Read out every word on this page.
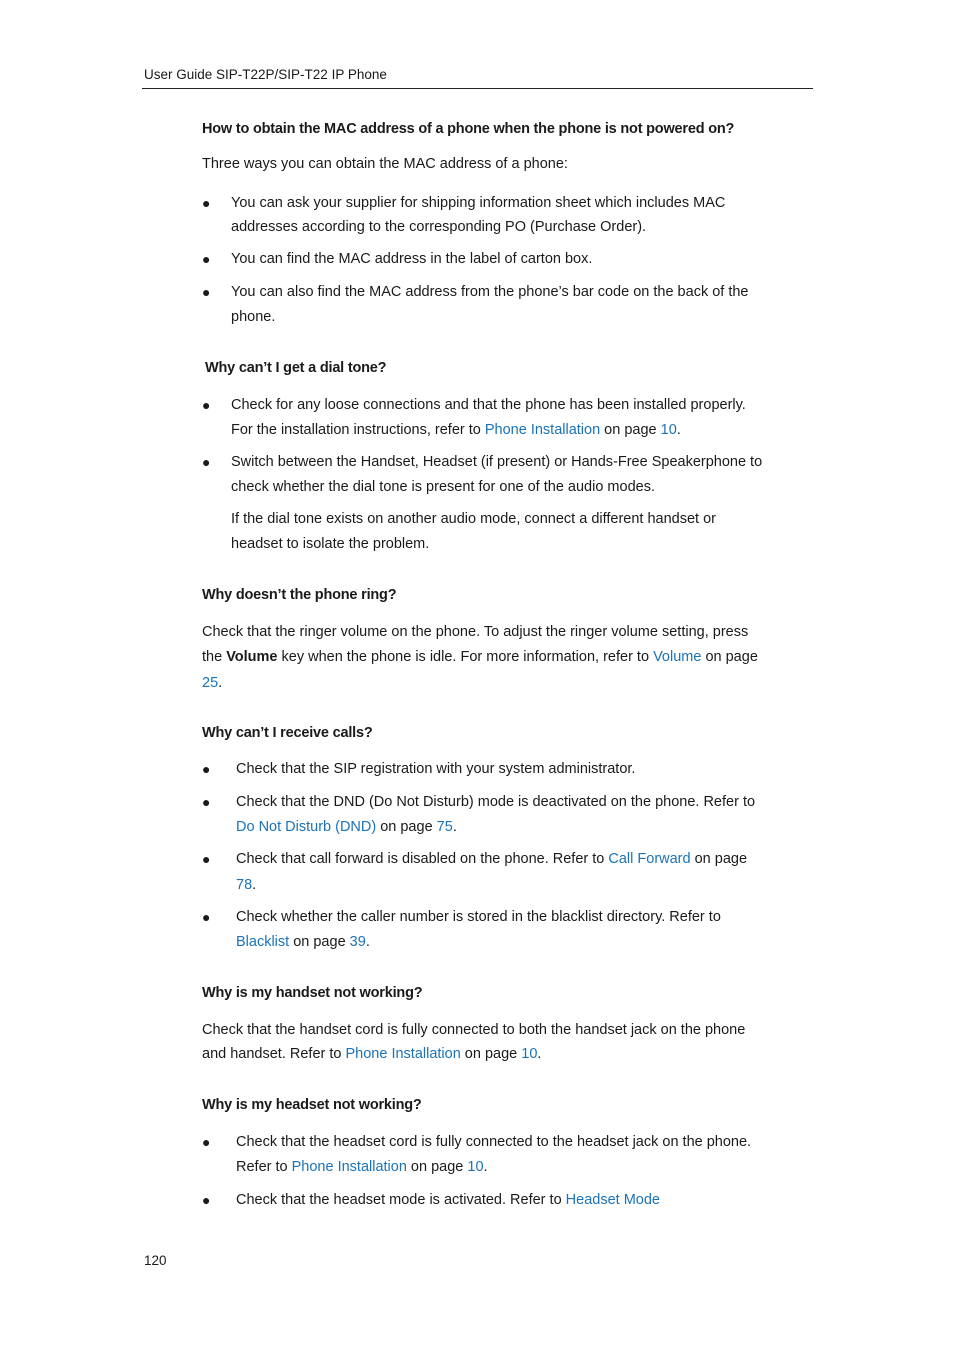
User Guide SIP-T22P/SIP-T22 IP Phone
How to obtain the MAC address of a phone when the phone is not powered on?
Three ways you can obtain the MAC address of a phone:
● You can ask your supplier for shipping information sheet which includes MAC
addresses according to the corresponding PO (Purchase Order).
● You can find the MAC address in the label of carton box.
● You can also find the MAC address from the phone’s bar code on the back of the
phone.
Why can’t I get a dial tone?
● Check for any loose connections and that the phone has been installed properly.
For the installation instructions, refer to Phone Installation on page 10.
● Switch between the Handset, Headset (if present) or Hands-Free Speakerphone to
check whether the dial tone is present for one of the audio modes.
If the dial tone exists on another audio mode, connect a different handset or
headset to isolate the problem.
Why doesn’t the phone ring?
Check that the ringer volume on the phone. To adjust the ringer volume setting, press
the Volume key when the phone is idle. For more information, refer to Volume on page
25.
Why can’t I receive calls?
● Check that the SIP registration with your system administrator.
● Check that the DND (Do Not Disturb) mode is deactivated on the phone. Refer to
Do Not Disturb (DND) on page 75.
● Check that call forward is disabled on the phone. Refer to Call Forward on page
78.
● Check whether the caller number is stored in the blacklist directory. Refer to
Blacklist on page 39.
Why is my handset not working?
Check that the handset cord is fully connected to both the handset jack on the phone
and handset. Refer to Phone Installation on page 10.
Why is my headset not working?
● Check that the headset cord is fully connected to the headset jack on the phone.
Refer to Phone Installation on page 10.
● Check that the headset mode is activated. Refer to Headset Mode
120
